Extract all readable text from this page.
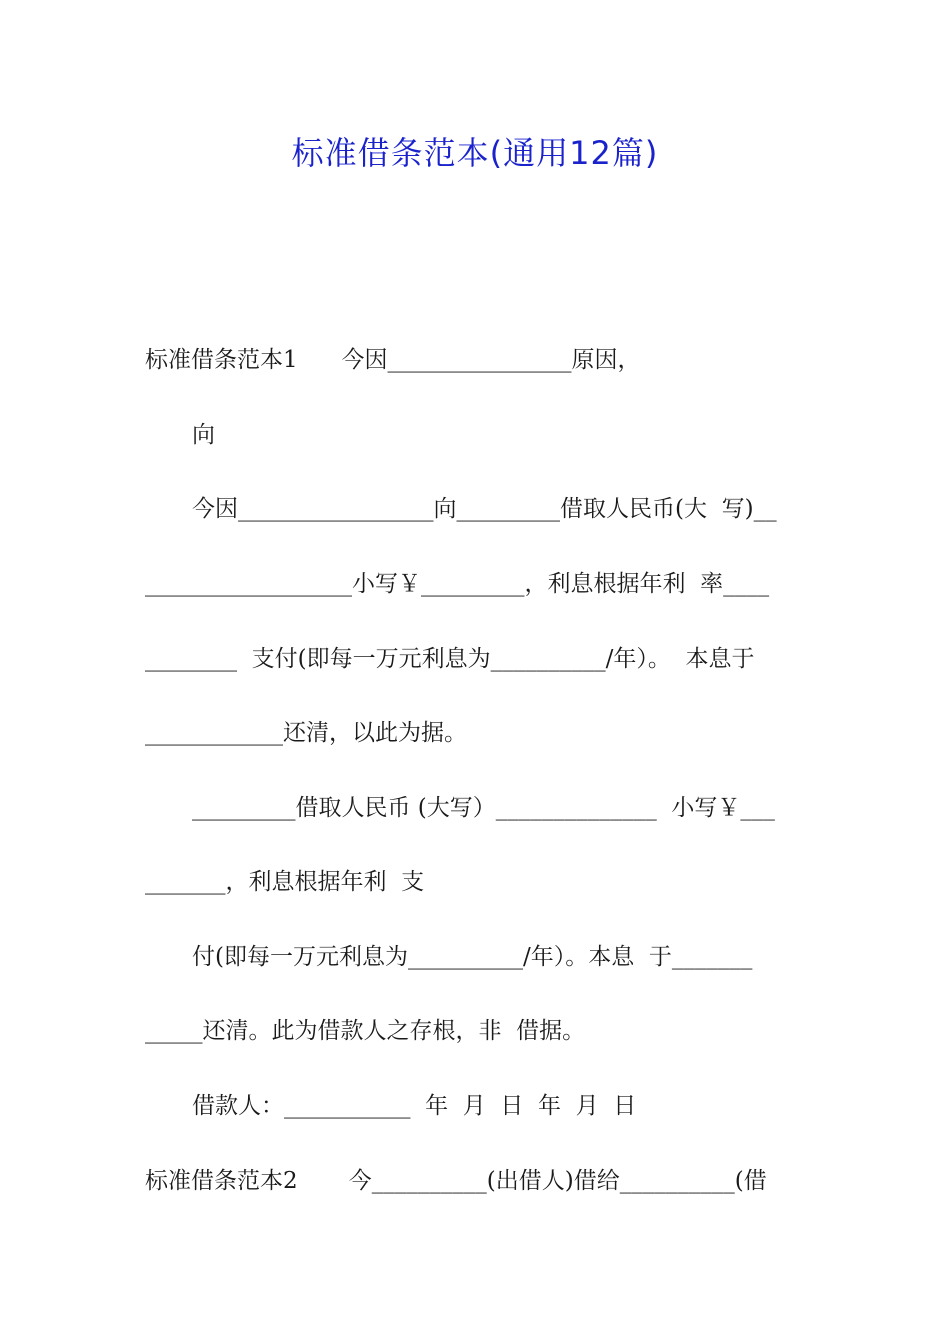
标准借条范本(通用12篇)
标准借条范本1      今因________________原因，
向
今因_________________向_________借取人民币(大  写)__
__________________小写￥_________，利息根据年利  率____
________  支付(即每一万元利息为__________/年）。  本息于
____________还清，以此为据。
_________借取人民币 (大写）______________  小写￥___
_______，利息根据年利  支
付(即每一万元利息为__________/年）。本息  于_______
_____还清。此为借款人之存根，非  借据。
借款人：___________  年  月  日  年  月  日
标准借条范本2       今__________(出借人)借给__________(借
